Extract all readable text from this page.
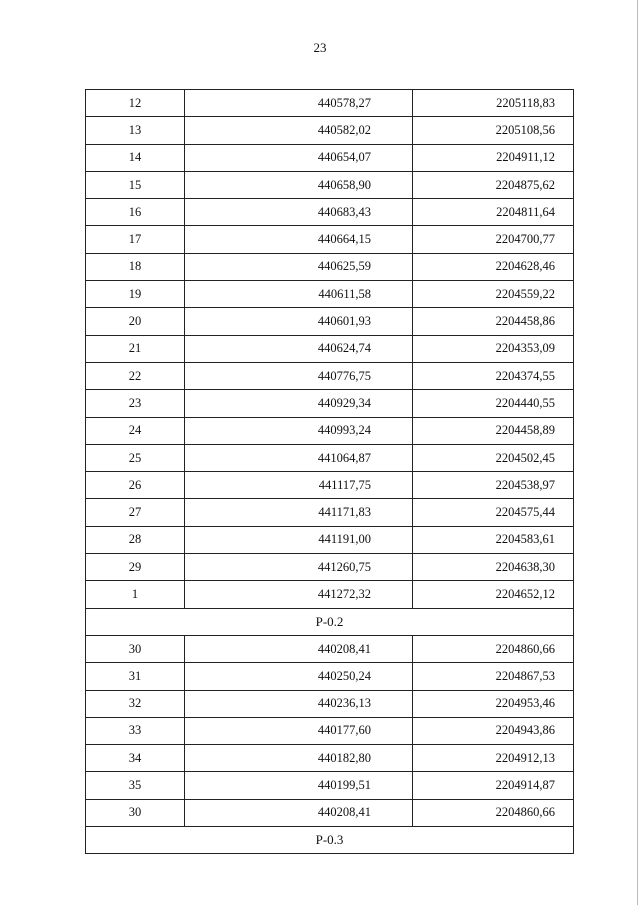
23
12	440578,27	2205118,83
13	440582,02	2205108,56
14	440654,07	2204911,12
15	440658,90	2204875,62
16	440683,43	2204811,64
17	440664,15	2204700,77
18	440625,59	2204628,46
19	440611,58	2204559,22
20	440601,93	2204458,86
21	440624,74	2204353,09
22	440776,75	2204374,55
23	440929,34	2204440,55
24	440993,24	2204458,89
25	441064,87	2204502,45
26	441117,75	2204538,97
27	441171,83	2204575,44
28	441191,00	2204583,61
29	441260,75	2204638,30
1	441272,32	2204652,12
Р-0.2		
30	440208,41	2204860,66
31	440250,24	2204867,53
32	440236,13	2204953,46
33	440177,60	2204943,86
34	440182,80	2204912,13
35	440199,51	2204914,87
30	440208,41	2204860,66
Р-0.3		
